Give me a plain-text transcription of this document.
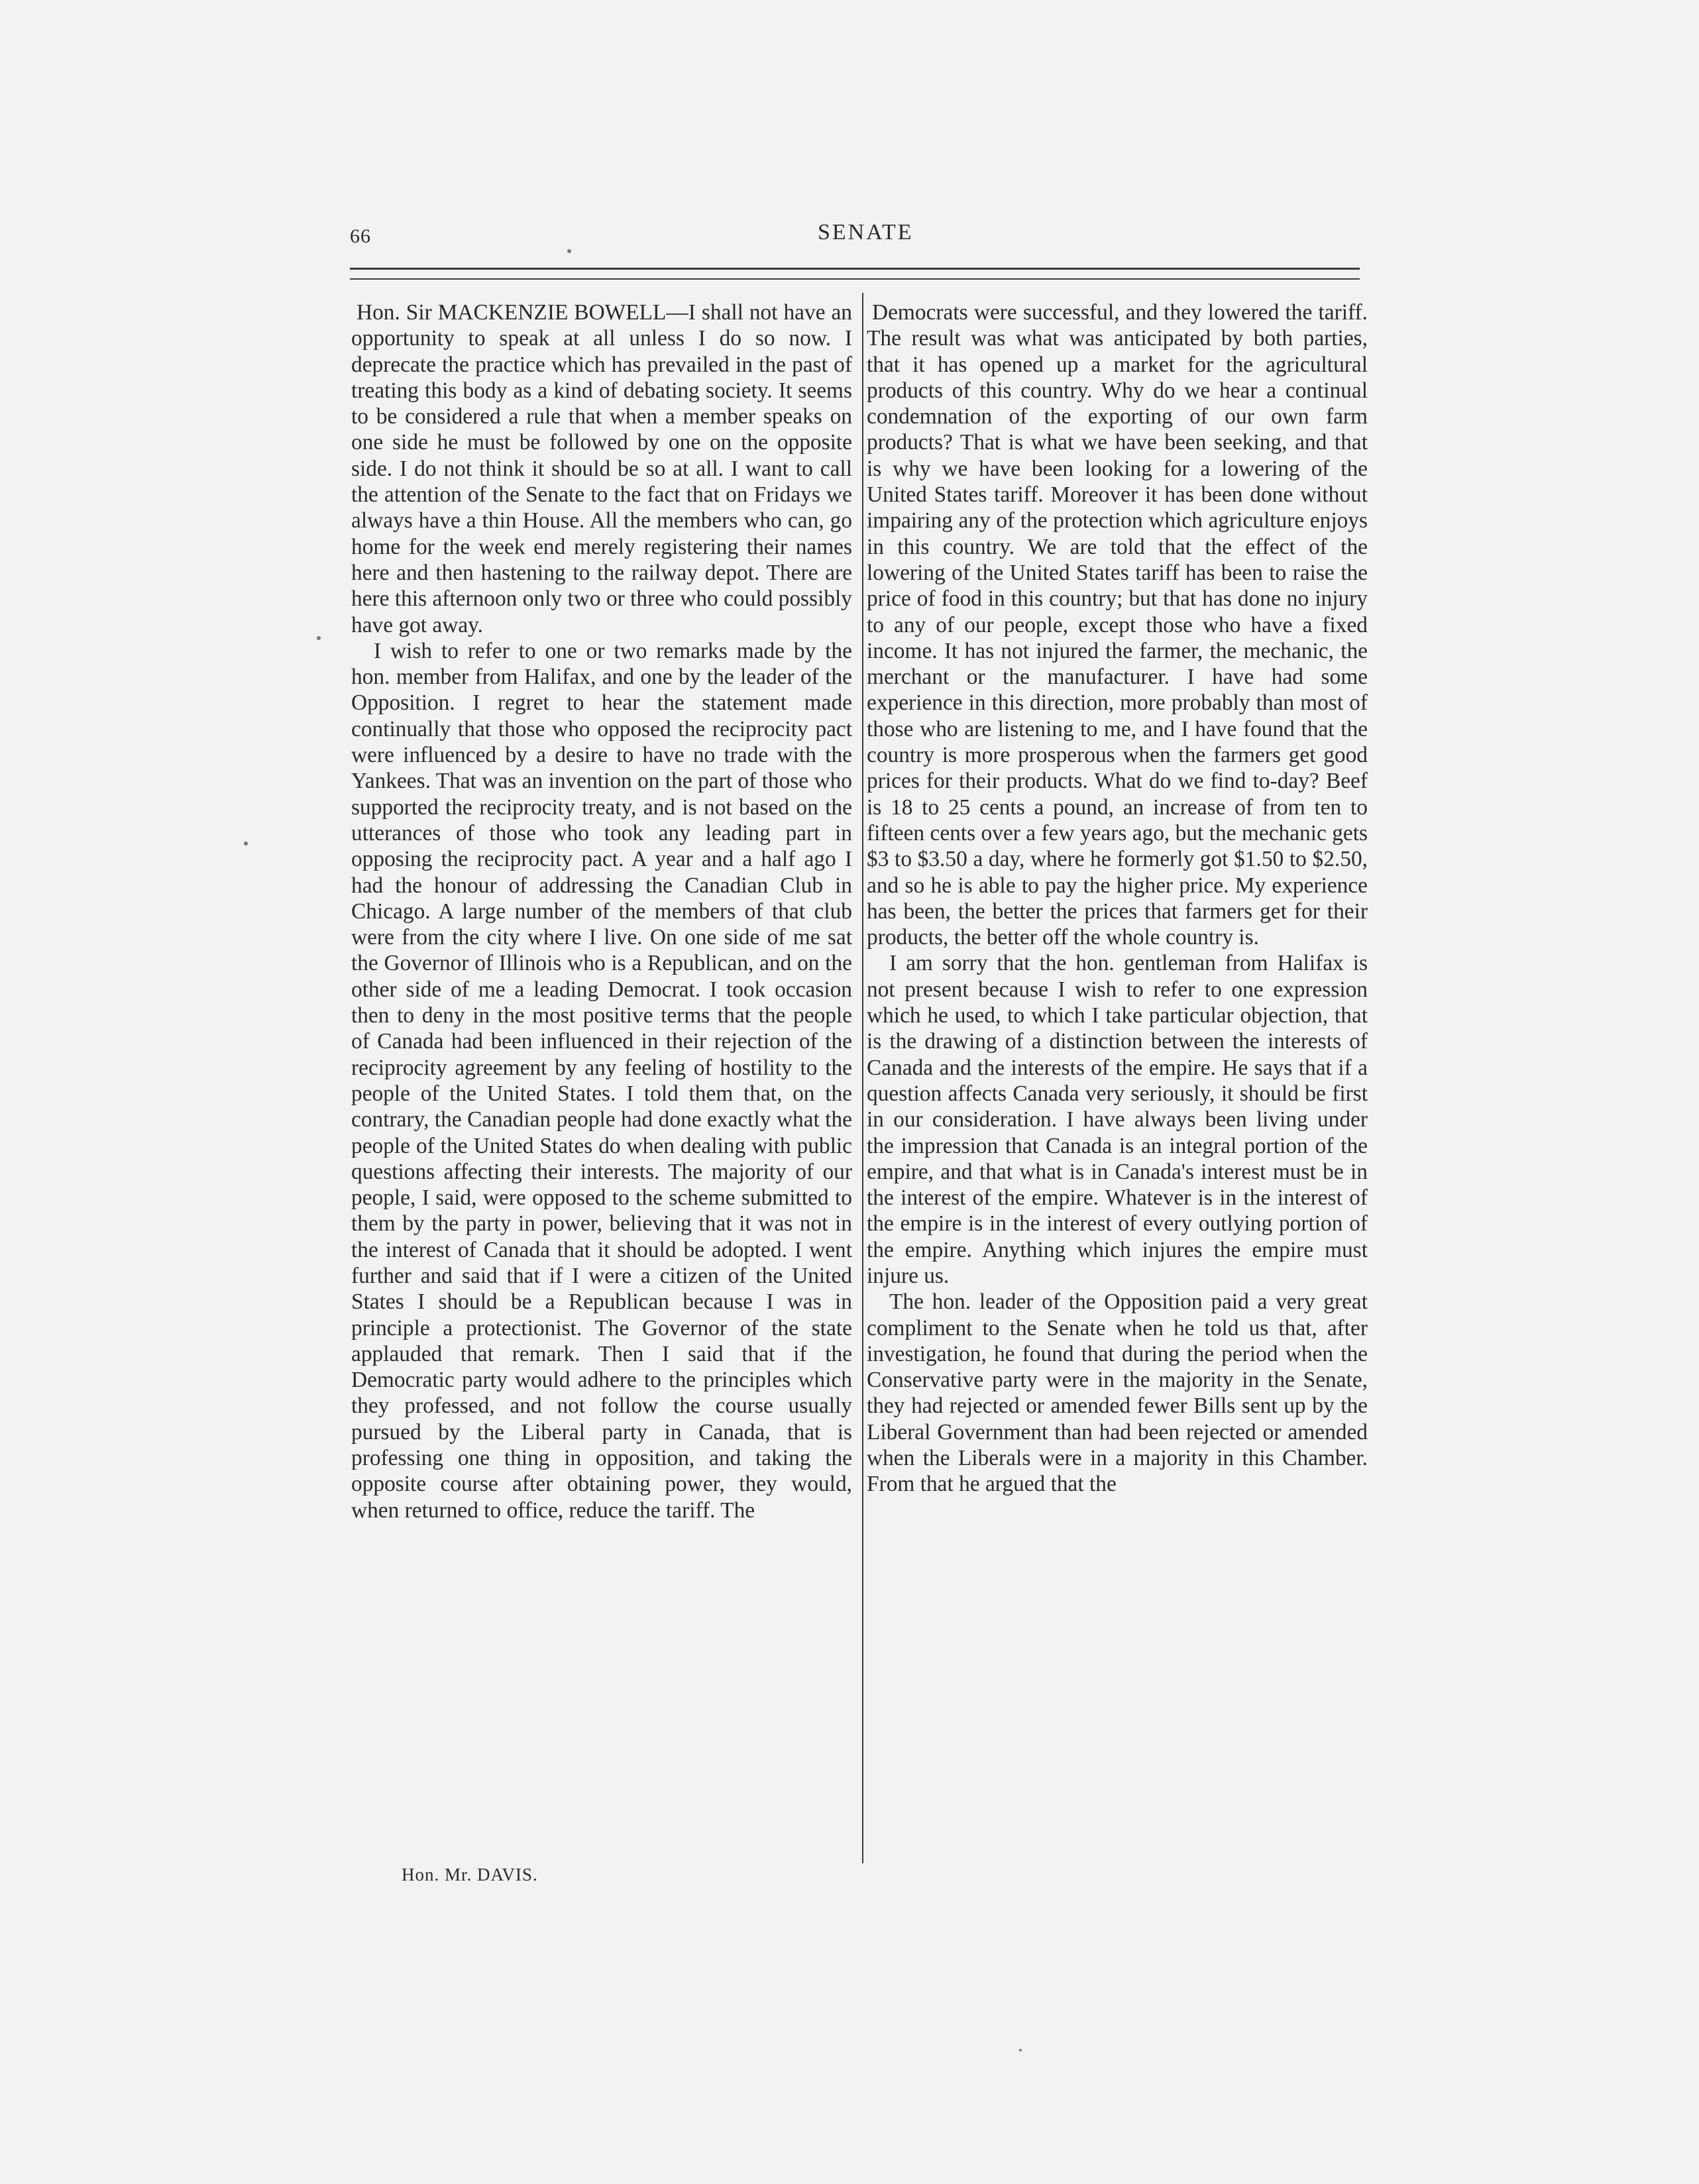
66	SENATE

Hon. Sir MACKENZIE BOWELL—I shall not have an opportunity to speak at all unless I do so now. I deprecate the practice which has prevailed in the past of treating this body as a kind of debating society. It seems to be considered a rule that when a member speaks on one side he must be followed by one on the opposite side. I do not think it should be so at all. I want to call the attention of the Senate to the fact that on Fridays we always have a thin House. All the members who can, go home for the week end merely registering their names here and then hastening to the railway depot. There are here this afternoon only two or three who could possibly have got away.

I wish to refer to one or two remarks made by the hon. member from Halifax, and one by the leader of the Opposition. I regret to hear the statement made continually that those who opposed the reciprocity pact were influenced by a desire to have no trade with the Yankees. That was an invention on the part of those who supported the reciprocity treaty, and is not based on the utterances of those who took any leading part in opposing the reciprocity pact. A year and a half ago I had the honour of addressing the Canadian Club in Chicago. A large number of the members of that club were from the city where I live. On one side of me sat the Governor of Illinois who is a Republican, and on the other side of me a leading Democrat. I took occasion then to deny in the most positive terms that the people of Canada had been influenced in their rejection of the reciprocity agreement by any feeling of hostility to the people of the United States. I told them that, on the contrary, the Canadian people had done exactly what the people of the United States do when dealing with public questions affecting their interests. The majority of our people, I said, were opposed to the scheme submitted to them by the party in power, believing that it was not in the interest of Canada that it should be adopted. I went further and said that if I were a citizen of the United States I should be a Republican because I was in principle a protectionist. The Governor of the state applauded that remark. Then I said that if the Democratic party would adhere to the principles which they professed, and not follow the course usually pursued by the Liberal party in Canada, that is professing one thing in opposition, and taking the opposite course after obtaining power, they would, when returned to office, reduce the tariff. The

Democrats were successful, and they lowered the tariff. The result was what was anticipated by both parties, that it has opened up a market for the agricultural products of this country. Why do we hear a continual condemnation of the exporting of our own farm products? That is what we have been seeking, and that is why we have been looking for a lowering of the United States tariff. Moreover it has been done without impairing any of the protection which agriculture enjoys in this country. We are told that the effect of the lowering of the United States tariff has been to raise the price of food in this country; but that has done no injury to any of our people, except those who have a fixed income. It has not injured the farmer, the mechanic, the merchant or the manufacturer. I have had some experience in this direction, more probably than most of those who are listening to me, and I have found that the country is more prosperous when the farmers get good prices for their products. What do we find to-day? Beef is 18 to 25 cents a pound, an increase of from ten to fifteen cents over a few years ago, but the mechanic gets $3 to $3.50 a day, where he formerly got $1.50 to $2.50, and so he is able to pay the higher price. My experience has been, the better the prices that farmers get for their products, the better off the whole country is.

I am sorry that the hon. gentleman from Halifax is not present because I wish to refer to one expression which he used, to which I take particular objection, that is the drawing of a distinction between the interests of Canada and the interests of the empire. He says that if a question affects Canada very seriously, it should be first in our consideration. I have always been living under the impression that Canada is an integral portion of the empire, and that what is in Canada's interest must be in the interest of the empire. Whatever is in the interest of the empire is in the interest of every outlying portion of the empire. Anything which injures the empire must injure us.

The hon. leader of the Opposition paid a very great compliment to the Senate when he told us that, after investigation, he found that during the period when the Conservative party were in the majority in the Senate, they had rejected or amended fewer Bills sent up by the Liberal Government than had been rejected or amended when the Liberals were in a majority in this Chamber. From that he argued that the

Hon. Mr. DAVIS.
